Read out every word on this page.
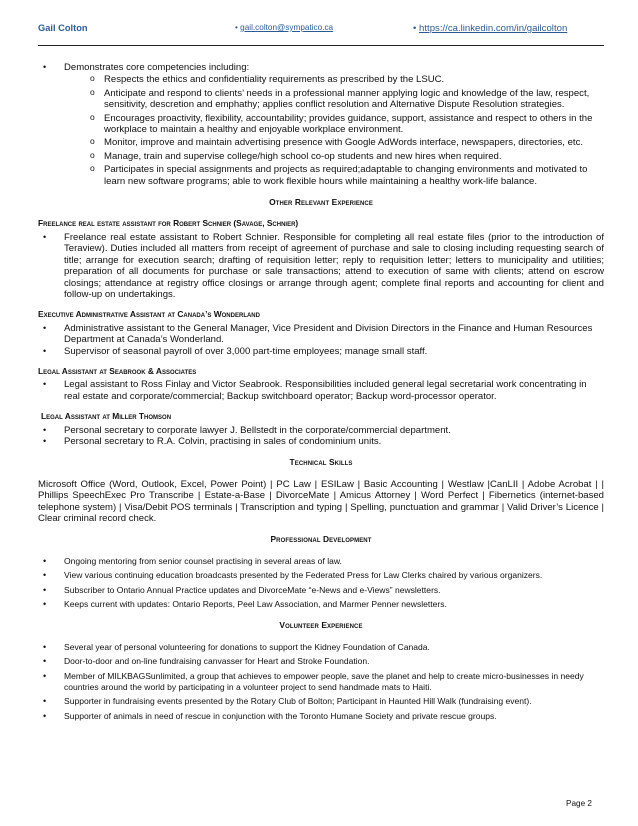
Gail Colton	• gail.colton@sympatico.ca	• https://ca.linkedin.com/in/gailcolton
• Demonstrates core competencies including:
o Respects the ethics and confidentiality requirements as prescribed by the LSUC.
o Anticipate and respond to clients’ needs in a professional manner applying logic and knowledge of the law, respect, sensitivity, descretion and emphathy; applies conflict resolution and Alternative Dispute Resolution strategies.
o Encourages proactivity, flexibility, accountability; provides guidance, support, assistance and respect to others in the workplace to maintain a healthy and enjoyable workplace environment.
o Monitor, improve and maintain advertising presence with Google AdWords interface, newspapers, directories, etc.
o Manage, train and supervise college/high school co-op students and new hires when required.
o Participates in special assignments and projects as required;adaptable to changing environments and motivated to learn new software programs; able to work flexible hours while maintaining a healthy work-life balance.
Other Relevant Experience
Freelance real estate assistant for Robert Schnier (Savage, Schnier)
• Freelance real estate assistant to Robert Schnier. Responsible for completing all real estate files (prior to the introduction of Teraview). Duties included all matters from receipt of agreement of purchase and sale to closing including requesting search of title; arrange for execution search; drafting of requisition letter; reply to requisition letter; letters to municipality and utilities; preparation of all documents for purchase or sale transactions; attend to execution of same with clients; attend on escrow closings; attendance at registry office closings or arrange through agent; complete final reports and accounting for client and follow-up on undertakings.
Executive Administrative Assistant at Canada’s Wonderland
• Administrative assistant to the General Manager, Vice President and Division Directors in the Finance and Human Resources Department at Canada’s Wonderland.
• Supervisor of seasonal payroll of over 3,000 part-time employees; manage small staff.
Legal Assistant at Seabrook & Associates
• Legal assistant to Ross Finlay and Victor Seabrook. Responsibilities included general legal secretarial work concentrating in real estate and corporate/commercial; Backup switchboard operator; Backup word-processor operator.
Legal Assistant at Miller Thomson
• Personal secretary to corporate lawyer J. Bellstedt in the corporate/commercial department.
• Personal secretary to R.A. Colvin, practising in sales of condominium units.
Technical Skills
Microsoft Office (Word, Outlook, Excel, Power Point) | PC Law | ESILaw | Basic Accounting | Westlaw |CanLII | Adobe Acrobat | | Phillips SpeechExec Pro Transcribe | Estate-a-Base | DivorceMate | Amicus Attorney | Word Perfect | Fibernetics (internet-based telephone system) | Visa/Debit POS terminals | Transcription and typing | Spelling, punctuation and grammar | Valid Driver’s Licence | Clear criminal record check.
Professional Development
• Ongoing mentoring from senior counsel practising in several areas of law.
• View various continuing education broadcasts presented by the Federated Press for Law Clerks chaired by various organizers.
• Subscriber to Ontario Annual Practice updates and DivorceMate “e-News and e-Views” newsletters.
• Keeps current with updates: Ontario Reports, Peel Law Association, and Marmer Penner newsletters.
Volunteer Experience
• Several year of personal volunteering for donations to support the Kidney Foundation of Canada.
• Door-to-door and on-line fundraising canvasser for Heart and Stroke Foundation.
• Member of MILKBAGSunlimited, a group that achieves to empower people, save the planet and help to create micro-businesses in needy countries around the world by participating in a volunteer project to send handmade mats to Haiti.
• Supporter in fundraising events presented by the Rotary Club of Bolton; Participant in Haunted Hill Walk (fundraising event).
• Supporter of animals in need of rescue in conjunction with the Toronto Humane Society and private rescue groups.
Page 2
